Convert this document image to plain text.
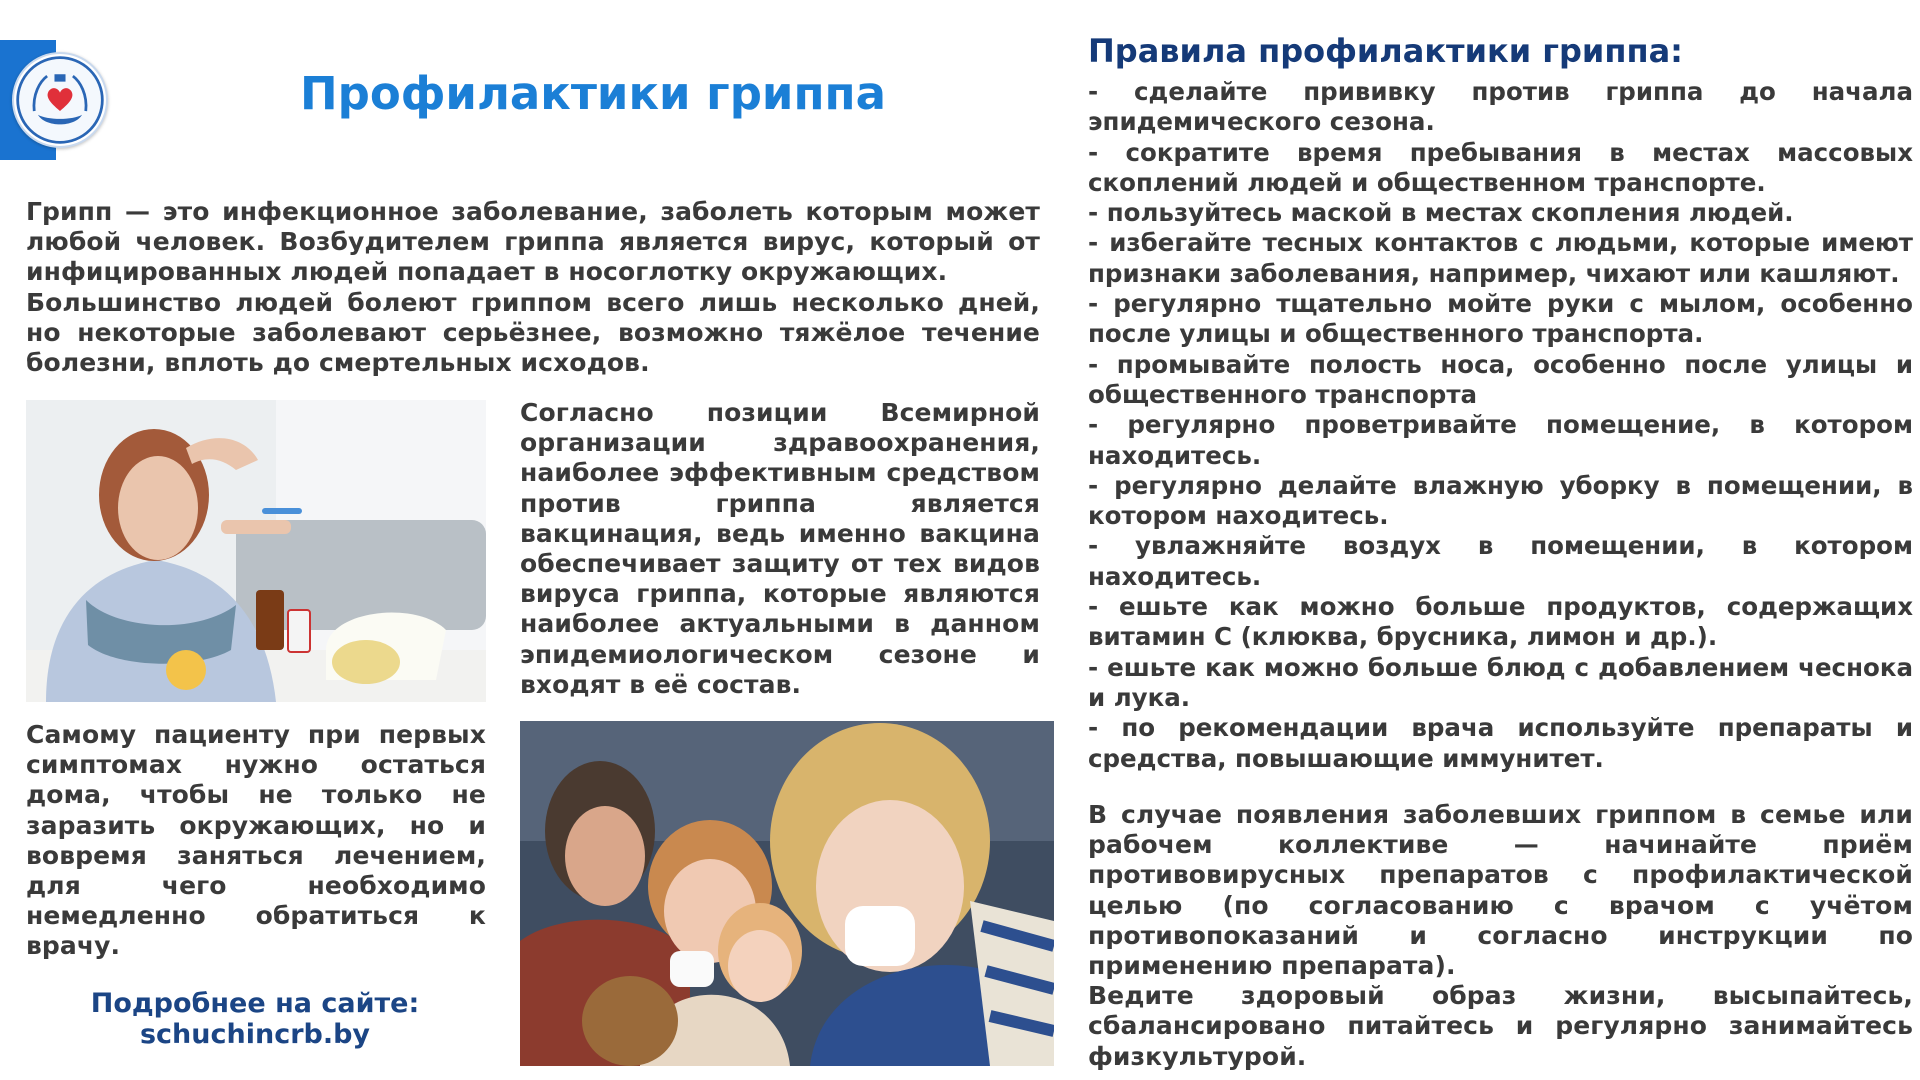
Профилактики гриппа

Грипп — это инфекционное заболевание, заболеть которым может любой человек. Возбудителем гриппа является вирус, который от инфицированных людей попадает в носоглотку окружающих.

Большинство людей болеют гриппом всего лишь несколько дней, но некоторые заболевают серьёзнее, возможно тяжёлое течение болезни, вплоть до смертельных исходов.

Согласно позиции Всемирной организации здравоохранения, наиболее эффективным средством против гриппа является вакцинация, ведь именно вакцина обеспечивает защиту от тех видов вируса гриппа, которые являются наиболее актуальными в данном эпидемиологическом сезоне и входят в её состав.
Самому пациенту при первых симптомах нужно остаться дома, чтобы не только не заразить окружающих, но и вовремя заняться лечением, для чего необходимо немедленно обратиться к врачу.
Подробнее на сайте:
schuchincrb.by
Правила профилактики гриппа:
- сделайте прививку против гриппа до начала эпидемического сезона.
- сократите время пребывания в местах массовых скоплений людей и общественном транспорте.
- пользуйтесь маской в местах скопления людей.
- избегайте тесных контактов с людьми, которые имеют признаки заболевания, например, чихают или кашляют.
- регулярно тщательно мойте руки с мылом, особенно после улицы и общественного транспорта.
- промывайте полость носа, особенно после улицы и общественного транспорта
- регулярно проветривайте помещение, в котором находитесь.
- регулярно делайте влажную уборку в помещении, в котором находитесь.
- увлажняйте воздух в помещении, в котором находитесь.
- ешьте как можно больше продуктов, содержащих витамин С (клюква, брусника, лимон и др.).
- ешьте как можно больше блюд с добавлением чеснока и лука.
- по рекомендации врача используйте препараты и средства, повышающие иммунитет.

В случае появления заболевших гриппом в семье или рабочем коллективе — начинайте приём противовирусных препаратов с профилактической целью (по согласованию с врачом с учётом противопоказаний и согласно инструкции по применению препарата).

Ведите здоровый образ жизни, высыпайтесь, сбалансировано питайтесь и регулярно занимайтесь физкультурой.
